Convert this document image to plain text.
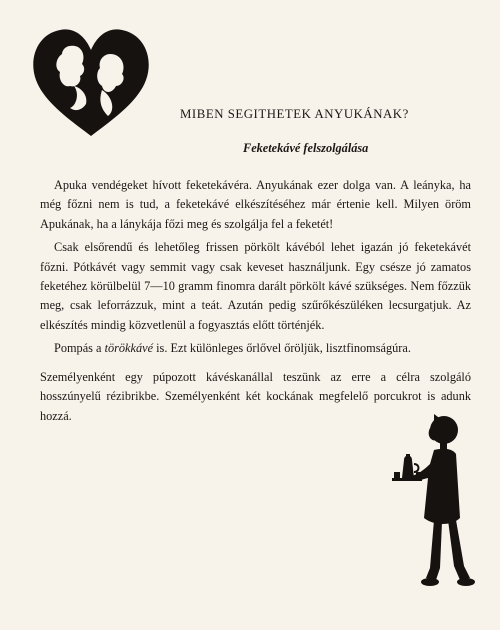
MIBEN SEGITHETEK ANYUKÁNAK?
Feketekávé felszolgálása

Apuka vendégeket hívott feketekávéra. Anyukának ezer dolga van. A leányka, ha még főzni nem is tud, a feketekávé elkészítéséhez már értenie kell. Milyen öröm Apukának, ha a lánykája főzi meg és szolgálja fel a feketét!

Csak elsőrendű és lehetőleg frissen pörkölt kávéból lehet igazán jó feketekávét főzni. Pótkávét vagy semmit vagy csak keveset használjunk. Egy csésze jó zamatos feketéhez körülbelül 7—10 gramm finomra darált pörkölt kávé szükséges. Nem főzzük meg, csak leforrázzuk, mint a teát. Azután pedig szűrőkészüléken lecsurgatjuk. Az elkészítés mindig közvetlenül a fogyasztás előtt történjék.

Pompás a törökkávé is. Ezt különleges őrlővel őröljük, lisztfinomságúra.

Személyenként egy púpozott kávéskanállal teszünk az erre a célra szolgáló hosszúnyelű rézibrikbe. Személyenként két kockának megfelelő porcukrot is adunk hozzá.
